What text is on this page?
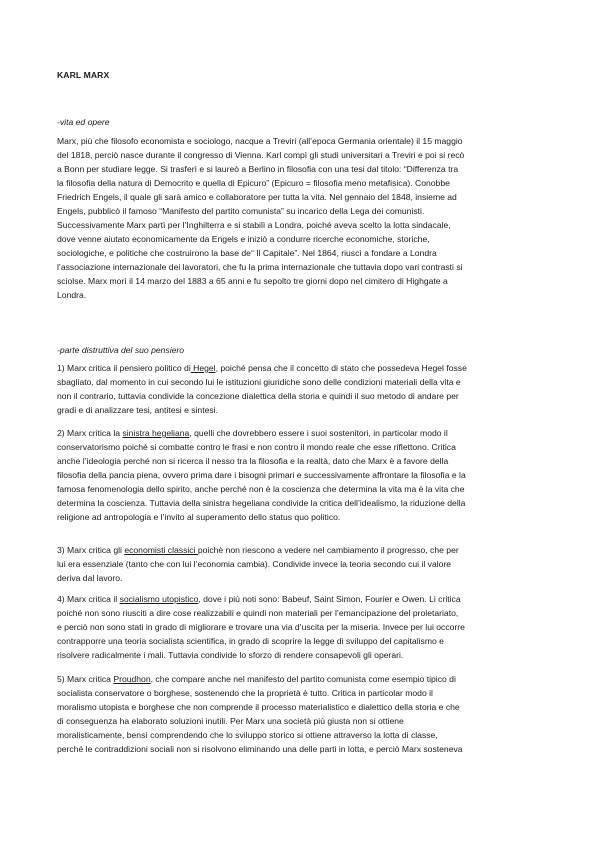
KARL MARX
-vita ed opere
Marx, più che filosofo economista e sociologo, nacque a Treviri (all’epoca Germania orientale) il 15 maggio
del 1818, perciò nasce durante il congresso di Vienna. Karl compì gli studi universitari a Treviri e poi si recò
a Bonn per studiare legge. Si trasferì e si laureò a Berlino in filosofia con una tesi dal titolo: “Differenza tra
la filosofia della natura di Democrito e quella di Epicuro” (Epicuro = filosofia meno metafisica). Conobbe
Friedrich Engels, il quale gli sarà amico e collaboratore per tutta la vita. Nel gennaio del 1848, insieme ad
Engels, pubblicò il famoso “Manifesto del partito comunista” su incarico della Lega dei comunisti.
Successivamente Marx partì per l’Inghilterra e si stabilì a Londra, poiché aveva scelto la lotta sindacale,
dove venne aiutato economicamente da Engels e iniziò a condurre ricerche economiche, storiche,
sociologiche, e politiche che costruirono la base de“ Il Capitale”. Nel 1864, riuscì a fondare a Londra
l’associazione internazionale dei lavoratori, che fu la prima internazionale che tuttavia dopo vari contrasti si
sciolse. Marx morì il 14 marzo del 1883 a 65 anni e fu sepolto tre giorni dopo nel cimitero di Highgate a
Londra.
-parte distruttiva del suo pensiero
1) Marx critica il pensiero politico di Hegel, poiché pensa che il concetto di stato che possedeva Hegel fosse
sbagliato, dal momento in cui secondo lui le istituzioni giuridiche sono delle condizioni materiali della vita e
non il contrario, tuttavia condivide la concezione dialettica della storia e quindi il suo metodo di andare per
gradi e di analizzare tesi, antitesi e sintesi.
2) Marx critica la sinistra hegeliana, quelli che dovrebbero essere i suoi sostenitori, in particolar modo il
conservatorismo poiché si combatte contro le frasi e non contro il mondo reale che esse riflettono. Critica
anche l’ideologia perché non si ricerca il nesso tra la filosofia e la realtà, dato che Marx è a favore della
filosofia della pancia piena, ovvero prima dare i bisogni primari e successivamente affrontare la filosofia e la
famosa fenomenologia dello spirito, anche perché non è la coscienza che determina la vita ma è la vita che
determina la coscienza. Tuttavia della sinistra hegeliana condivide la critica dell’idealismo, la riduzione della
religione ad antropologia e l’invito al superamento dello status quo politico.
3) Marx critica gli economisti classici poichè non riescono a vedere nel cambiamento il progresso, che per
lui era essenziale (tanto che con lui l’economia cambia). Condivide invece la teoria secondo cui il valore
deriva dal lavoro.
4) Marx critica il socialismo utopistico, dove i più noti sono: Babeuf, Saint Simon, Fourier e Owen. Li critica
poiché non sono riusciti a dire cose realizzabili e quindi non materiali per l’emancipazione del proletariato,
e perciò non sono stati in grado di migliorare e trovare una via d’uscita per la miseria. Invece per lui occorre
contrapporre una teoria socialista scientifica, in grado di scoprire la legge di sviluppo del capitalismo e
risolvere radicalmente i mali. Tuttavia condivide lo sforzo di rendere consapevoli gli operari.
5) Marx critica Proudhon, che compare anche nel manifesto del partito comunista come esempio tipico di
socialista conservatore o borghese, sostenendo che la proprietà è tutto. Critica in particolar modo il
moralismo utopista e borghese che non comprende il processo materialistico e dialettico della storia e che
di conseguenza ha elaborato soluzioni inutili. Per Marx una società più giusta non si ottiene
moralisticamente, bensì comprendendo che lo sviluppo storico si ottiene attraverso la lotta di classe,
perché le contraddizioni sociali non si risolvono eliminando una delle parti in lotta, e perciò Marx sosteneva
